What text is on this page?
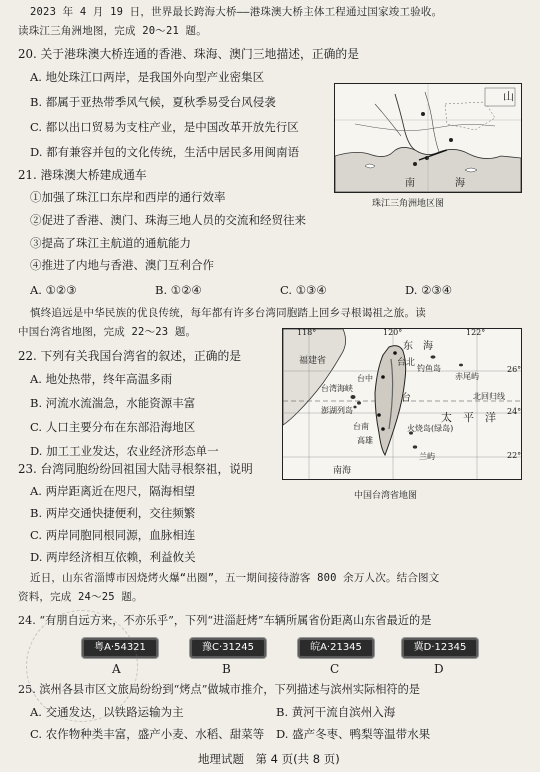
2023 年 4 月 19 日，世界最长跨海大桥——港珠澳大桥主体工程通过国家竣工验收。
读珠江三角洲地图，完成 20～21 题。
20. 关于港珠澳大桥连通的香港、珠海、澳门三地描述，正确的是
A. 地处珠江口两岸，是我国外向型产业密集区
B. 都属于亚热带季风气候，夏秋季易受台风侵袭
C. 都以出口贸易为支柱产业，是中国改革开放先行区
D. 都有兼容并包的文化传统，生活中居民多用闽南语
山
南	海
珠江三角洲地区图
21. 港珠澳大桥建成通车
①加强了珠江口东岸和西岸的通行效率
②促进了香港、澳门、珠海三地人员的交流和经贸往来
③提高了珠江主航道的通航能力
④推进了内地与香港、澳门互利合作
A. ①②③	B. ①②④	C. ①③④	D. ②③④
慎终追远是中华民族的优良传统，每年都有许多台湾同胞踏上回乡寻根谒祖之旅。读
中国台湾省地图，完成 22～23 题。
22. 下列有关我国台湾省的叙述，正确的是
A. 地处热带，终年高温多雨
B. 河流水流湍急，水能资源丰富
C. 人口主要分布在东部沿海地区
D. 加工工业发达，农业经济形态单一
118°	120°	122°
26°
24°
22°
福建省
东　海
台北
钓鱼岛
赤尾屿
台中
台湾海峡
澎湖列岛
台
台南
高雄
兰屿
火烧岛(绿岛)
北回归线
太　平　洋
南海
中国台湾省地图
23. 台湾同胞纷纷回祖国大陆寻根祭祖，说明
A. 两岸距离近在咫尺，隔海相望
B. 两岸交通快捷便利，交往频繁
C. 两岸同胞同根同源，血脉相连
D. 两岸经济相互依赖，利益攸关
近日，山东省淄博市因烧烤火爆“出圈”，五一期间接待游客 800 余万人次。结合图文
资料，完成 24～25 题。
24. “有朋自远方来，不亦乐乎”，下列“进淄赶烤”车辆所属省份距离山东省最近的是
粤A·54321	豫C·31245	皖A·21345	冀D·12345
A	B	C	D
25. 滨州各县市区文旅局纷纷到“烤点”做城市推介，下列描述与滨州实际相符的是
A. 交通发达，以铁路运输为主	B. 黄河干流自滨州入海
C. 农作物种类丰富，盛产小麦、水稻、甜菜等 D. 盛产冬枣、鸭梨等温带水果
地理试题　第 4 页(共 8 页)
